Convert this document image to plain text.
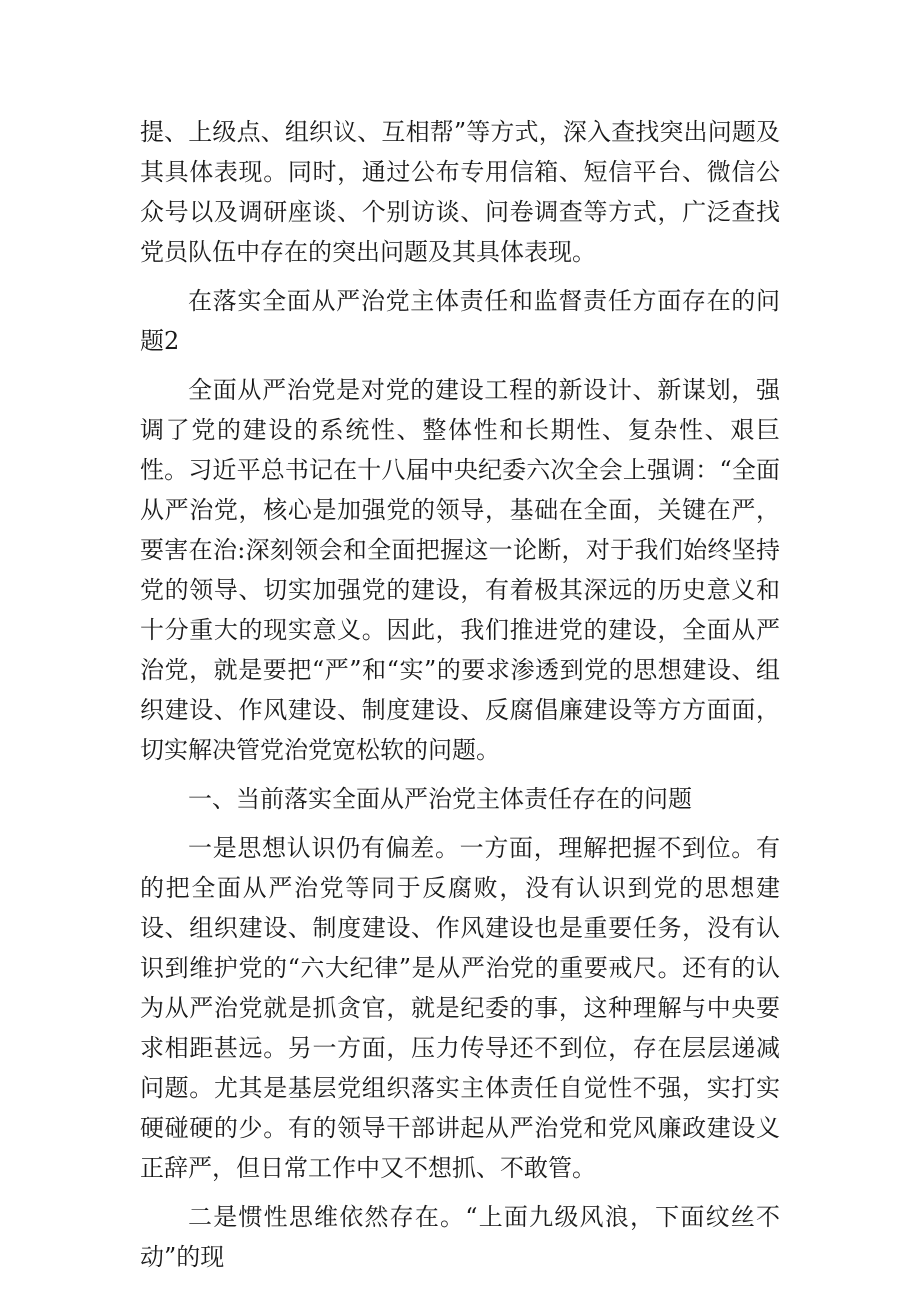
提、上级点、组织议、互相帮”等方式，深入查找突出问题及其具体表现。同时，通过公布专用信箱、短信平台、微信公众号以及调研座谈、个别访谈、问卷调查等方式，广泛查找党员队伍中存在的突出问题及其具体表现。

在落实全面从严治党主体责任和监督责任方面存在的问题2

全面从严治党是对党的建设工程的新设计、新谋划，强调了党的建设的系统性、整体性和长期性、复杂性、艰巨性。习近平总书记在十八届中央纪委六次全会上强调：“全面从严治党，核心是加强党的领导，基础在全面，关键在严，要害在治:深刻领会和全面把握这一论断，对于我们始终坚持党的领导、切实加强党的建设，有着极其深远的历史意义和十分重大的现实意义。因此，我们推进党的建设，全面从严治党，就是要把“严”和“实”的要求渗透到党的思想建设、组织建设、作风建设、制度建设、反腐倡廉建设等方方面面，切实解决管党治党宽松软的问题。

一、当前落实全面从严治党主体责任存在的问题

一是思想认识仍有偏差。一方面，理解把握不到位。有的把全面从严治党等同于反腐败，没有认识到党的思想建设、组织建设、制度建设、作风建设也是重要任务，没有认识到维护党的“六大纪律”是从严治党的重要戒尺。还有的认为从严治党就是抓贪官，就是纪委的事，这种理解与中央要求相距甚远。另一方面，压力传导还不到位，存在层层递减问题。尤其是基层党组织落实主体责任自觉性不强，实打实硬碰硬的少。有的领导干部讲起从严治党和党风廉政建设义正辞严，但日常工作中又不想抓、不敢管。

二是惯性思维依然存在。“上面九级风浪，下面纹丝不动”的现
